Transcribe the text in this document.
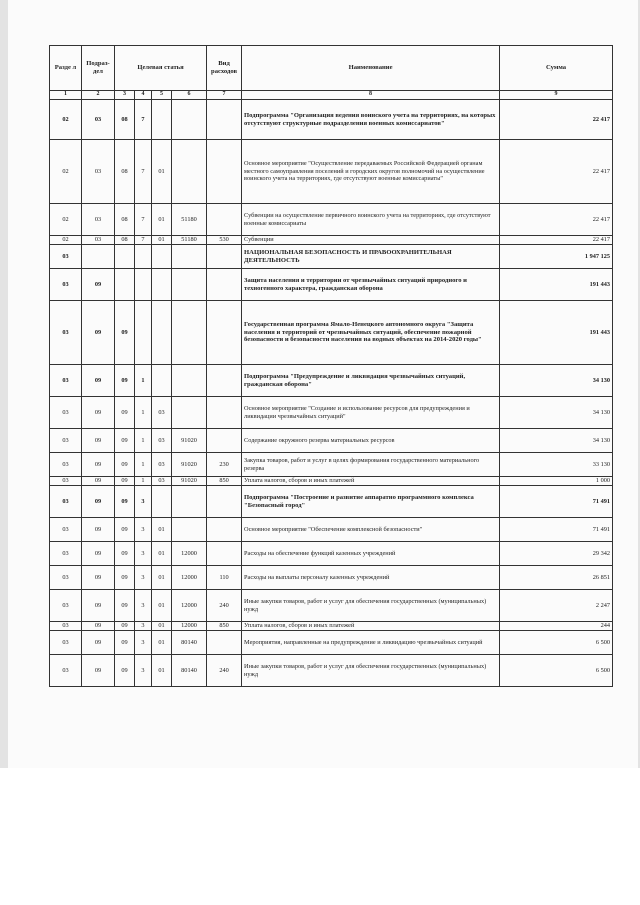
Разде л	Подраз- дел	Целевая статья				Вид расходов	Наименование	Сумма
1	2	3	4	5	6	7	8	9
02	03	08	7				Подпрограмма "Организация ведения воинского учета на территориях, на которых отсутствуют структурные подразделения военных комиссариатов"	22 417
02	03	08	7	01			Основное мероприятие "Осуществление передаваемых Российской Федерацией органам местного самоуправления поселений и городских округов полномочий на осуществление воинского учета на территориях, где отсутствуют военные комиссариаты"	22 417
02	03	08	7	01	51180		Субвенции на осуществление первичного воинского учета на территориях, где отсутствуют военные комиссариаты	22 417
02	03	08	7	01	51180	530	Субвенции	22 417
03							НАЦИОНАЛЬНАЯ БЕЗОПАСНОСТЬ И ПРАВООХРАНИТЕЛЬНАЯ ДЕЯТЕЛЬНОСТЬ	1 947 125
03	09						Защита населения и территории от чрезвычайных ситуаций природного и техногенного характера, гражданская оборона	191 443
03	09	09					Государственная программа Ямало-Ненецкого автономного округа "Защита населения и территорий от чрезвычайных ситуаций, обеспечение пожарной безопасности и безопасности населения на водных объектах на 2014-2020 годы"	191 443
03	09	09	1				Подпрограмма "Предупреждение и ликвидация чрезвычайных ситуаций, гражданская оборона"	34 130
03	09	09	1	03			Основное мероприятие "Создание и использование ресурсов для предупреждения и ликвидации чрезвычайных ситуаций"	34 130
03	09	09	1	03	91020		Содержание окружного резерва материальных ресурсов	34 130
03	09	09	1	03	91020	230	Закупка товаров, работ и услуг в целях формирования государственного материального резерва	33 130
03	09	09	1	03	91020	850	Уплата налогов, сборов и иных платежей	1 000
03	09	09	3				Подпрограмма "Построение и развитие аппаратно программного комплекса "Безопасный город"	71 491
03	09	09	3	01			Основное мероприятие "Обеспечение комплексной безопасности"	71 491
03	09	09	3	01	12000		Расходы на обеспечение функций казенных учреждений	29 342
03	09	09	3	01	12000	110	Расходы на выплаты персоналу казенных учреждений	26 851
03	09	09	3	01	12000	240	Иные закупки товаров, работ и услуг для обеспечения государственных (муниципальных) нужд	2 247
03	09	09	3	01	12000	850	Уплата налогов, сборов и иных платежей	244
03	09	09	3	01	80140		Мероприятия, направленные на предупреждение и ликвидацию чрезвычайных ситуаций	6 500
03	09	09	3	01	80140	240	Иные закупки товаров, работ и услуг для обеспечения государственных (муниципальных) нужд	6 500
